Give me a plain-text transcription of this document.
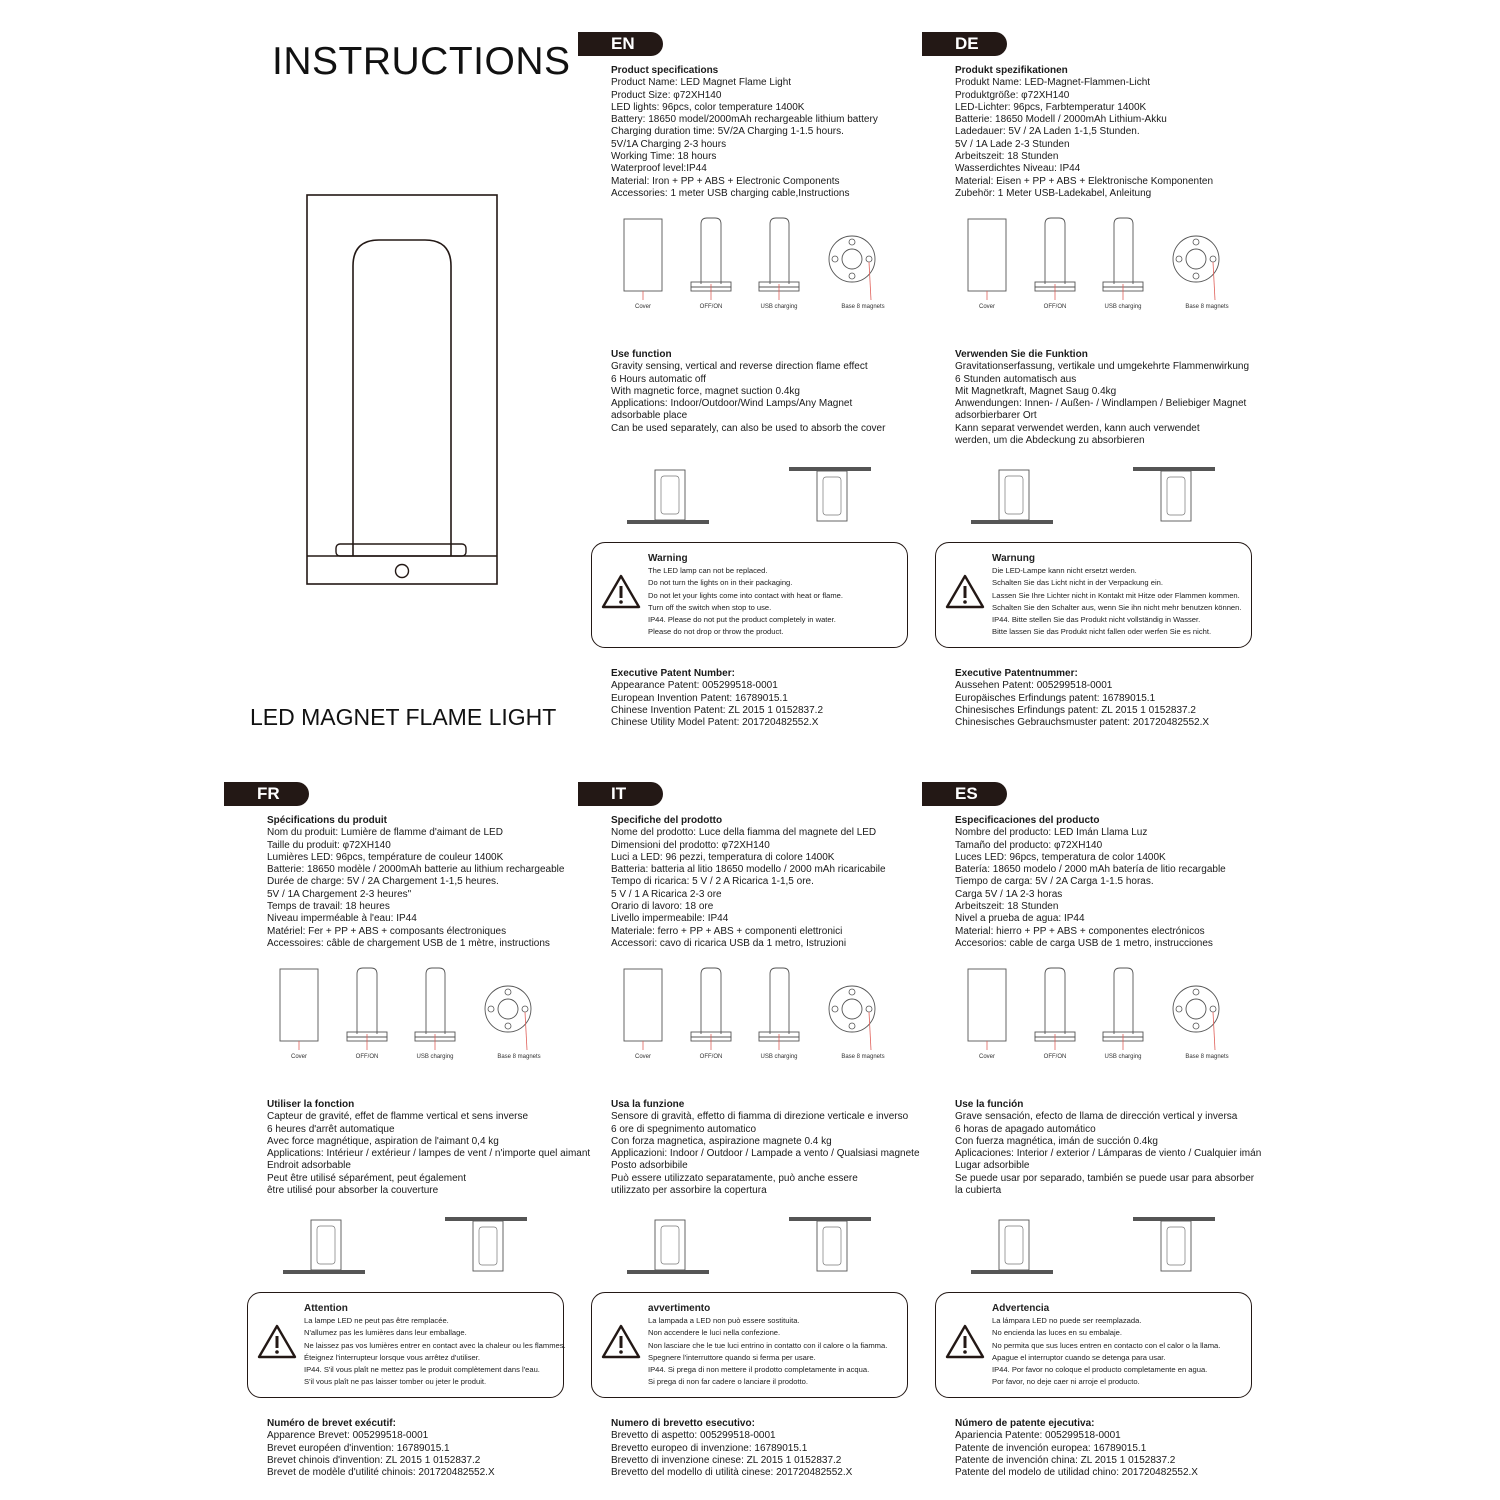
INSTRUCTIONS
LED MAGNET FLAME LIGHT
EN	DE
FR	IT	ES
Product specifications
Product Name: LED Magnet Flame Light
Product Size: φ72XH140
LED lights: 96pcs, color temperature 1400K
Battery: 18650 model/2000mAh rechargeable lithium battery
Charging duration time: 5V/2A Charging 1-1.5 hours.
5V/1A Charging 2-3 hours
Working Time: 18 hours
Waterproof level:IP44
Material: Iron + PP + ABS + Electronic Components
Accessories: 1 meter USB charging cable,Instructions
Use function
Gravity sensing, vertical and reverse direction flame effect
6 Hours automatic off
With magnetic force, magnet suction 0.4kg
Applications: Indoor/Outdoor/Wind Lamps/Any Magnet
adsorbable place
Can be used separately, can also be used to absorb the cover
Warning
The LED lamp can not be replaced.
Do not turn the lights on in their packaging.
Do not let your lights come into contact with heat or flame.
Turn off the switch when stop to use.
IP44. Please do not put the product completely in water.
Please do not drop or throw the product.
Executive Patent Number:
Appearance Patent: 005299518-0001
European Invention Patent: 16789015.1
Chinese Invention Patent: ZL 2015 1 0152837.2
Chinese Utility Model Patent: 201720482552.X
Cover	OFF/ON	USB charging	Base 8 magnets
Produkt spezifikationen
Produkt Name: LED-Magnet-Flammen-Licht
Produktgröße: φ72XH140
LED-Lichter: 96pcs, Farbtemperatur 1400K
Batterie: 18650 Modell / 2000mAh Lithium-Akku
Ladedauer: 5V / 2A Laden 1-1,5 Stunden.
5V / 1A Lade 2-3 Stunden
Arbeitszeit: 18 Stunden
Wasserdichtes Niveau: IP44
Material: Eisen + PP + ABS + Elektronische Komponenten
Zubehör: 1 Meter USB-Ladekabel, Anleitung
Verwenden Sie die Funktion
Gravitationserfassung, vertikale und umgekehrte Flammenwirkung
6 Stunden automatisch aus
Mit Magnetkraft, Magnet Saug 0.4kg
Anwendungen: Innen- / Außen- / Windlampen / Beliebiger Magnet
adsorbierbarer Ort
Kann separat verwendet werden, kann auch verwendet
werden, um die Abdeckung zu absorbieren
Warnung
Die LED-Lampe kann nicht ersetzt werden.
Schalten Sie das Licht nicht in der Verpackung ein.
Lassen Sie Ihre Lichter nicht in Kontakt mit Hitze oder Flammen kommen.
Schalten Sie den Schalter aus, wenn Sie ihn nicht mehr benutzen können.
IP44. Bitte stellen Sie das Produkt nicht vollständig in Wasser.
Bitte lassen Sie das Produkt nicht fallen oder werfen Sie es nicht.
Executive Patentnummer:
Aussehen Patent: 005299518-0001
Europäisches Erfindungs patent: 16789015.1
Chinesisches Erfindungs patent: ZL 2015 1 0152837.2
Chinesisches Gebrauchsmuster patent: 201720482552.X
Cover	OFF/ON	USB charging	Base 8 magnets
Spécifications du produit
Nom du produit: Lumière de flamme d'aimant de LED
Taille du produit: φ72XH140
Lumières LED: 96pcs, température de couleur 1400K
Batterie: 18650 modèle / 2000mAh batterie au lithium rechargeable
Durée de charge: 5V / 2A Chargement 1-1,5 heures.
5V / 1A Chargement 2-3 heures"
Temps de travail: 18 heures
Niveau imperméable à l'eau: IP44
Matériel: Fer + PP + ABS + composants électroniques
Accessoires: câble de chargement USB de 1 mètre, instructions
Utiliser la fonction
Capteur de gravité, effet de flamme vertical et sens inverse
6 heures d'arrêt automatique
Avec force magnétique, aspiration de l'aimant 0,4 kg
Applications: Intérieur / extérieur / lampes de vent / n'importe quel aimant
Endroit adsorbable
Peut être utilisé séparément, peut également
être utilisé pour absorber la couverture
Attention
La lampe LED ne peut pas être remplacée.
N'allumez pas les lumières dans leur emballage.
Ne laissez pas vos lumières entrer en contact avec la chaleur ou les flammes.
Éteignez l'interrupteur lorsque vous arrêtez d'utiliser.
IP44. S'il vous plaît ne mettez pas le produit complètement dans l'eau.
S'il vous plaît ne pas laisser tomber ou jeter le produit.
Numéro de brevet exécutif:
Apparence Brevet: 005299518-0001
Brevet européen d'invention: 16789015.1
Brevet chinois d'invention: ZL 2015 1 0152837.2
Brevet de modèle d'utilité chinois: 201720482552.X
Cover	OFF/ON	USB charging	Base 8 magnets
Specifiche del prodotto
Nome del prodotto: Luce della fiamma del magnete del LED
Dimensioni del prodotto: φ72XH140
Luci a LED: 96 pezzi, temperatura di colore 1400K
Batteria: batteria al litio 18650 modello / 2000 mAh ricaricabile
Tempo di ricarica: 5 V / 2 A Ricarica 1-1,5 ore.
5 V / 1 A Ricarica 2-3 ore
Orario di lavoro: 18 ore
Livello impermeabile: IP44
Materiale: ferro + PP + ABS + componenti elettronici
Accessori: cavo di ricarica USB da 1 metro, Istruzioni
Usa la funzione
Sensore di gravità, effetto di fiamma di direzione verticale e inverso
6 ore di spegnimento automatico
Con forza magnetica, aspirazione magnete 0.4 kg
Applicazioni: Indoor / Outdoor / Lampade a vento / Qualsiasi magnete
Posto adsorbibile
Può essere utilizzato separatamente, può anche essere
utilizzato per assorbire la copertura
avvertimento
La lampada a LED non può essere sostituita.
Non accendere le luci nella confezione.
Non lasciare che le tue luci entrino in contatto con il calore o la fiamma.
Spegnere l'interruttore quando si ferma per usare.
IP44. Si prega di non mettere il prodotto completamente in acqua.
Si prega di non far cadere o lanciare il prodotto.
Numero di brevetto esecutivo:
Brevetto di aspetto: 005299518-0001
Brevetto europeo di invenzione: 16789015.1
Brevetto di invenzione cinese: ZL 2015 1 0152837.2
Brevetto del modello di utilità cinese: 201720482552.X
Cover	OFF/ON	USB charging	Base 8 magnets
Especificaciones del producto
Nombre del producto: LED Imán Llama Luz
Tamaño del producto: φ72XH140
Luces LED: 96pcs, temperatura de color 1400K
Batería: 18650 modelo / 2000 mAh batería de litio recargable
Tiempo de carga: 5V / 2A Carga 1-1.5 horas.
Carga 5V / 1A 2-3 horas
Arbeitszeit: 18 Stunden
Nivel a prueba de agua: IP44
Material: hierro + PP + ABS + componentes electrónicos
Accesorios: cable de carga USB de 1 metro, instrucciones
Use la función
Grave sensación, efecto de llama de dirección vertical y inversa
6 horas de apagado automático
Con fuerza magnética, imán de succión 0.4kg
Aplicaciones: Interior / exterior / Lámparas de viento / Cualquier imán
Lugar adsorbible
Se puede usar por separado, también se puede usar para absorber
la cubierta
Advertencia
La lámpara LED no puede ser reemplazada.
No encienda las luces en su embalaje.
No permita que sus luces entren en contacto con el calor o la llama.
Apague el interruptor cuando se detenga para usar.
IP44. Por favor no coloque el producto completamente en agua.
Por favor, no deje caer ni arroje el producto.
Número de patente ejecutiva:
Apariencia Patente: 005299518-0001
Patente de invención europea: 16789015.1
Patente de invención china: ZL 2015 1 0152837.2
Patente del modelo de utilidad chino: 201720482552.X
Cover	OFF/ON	USB charging	Base 8 magnets
